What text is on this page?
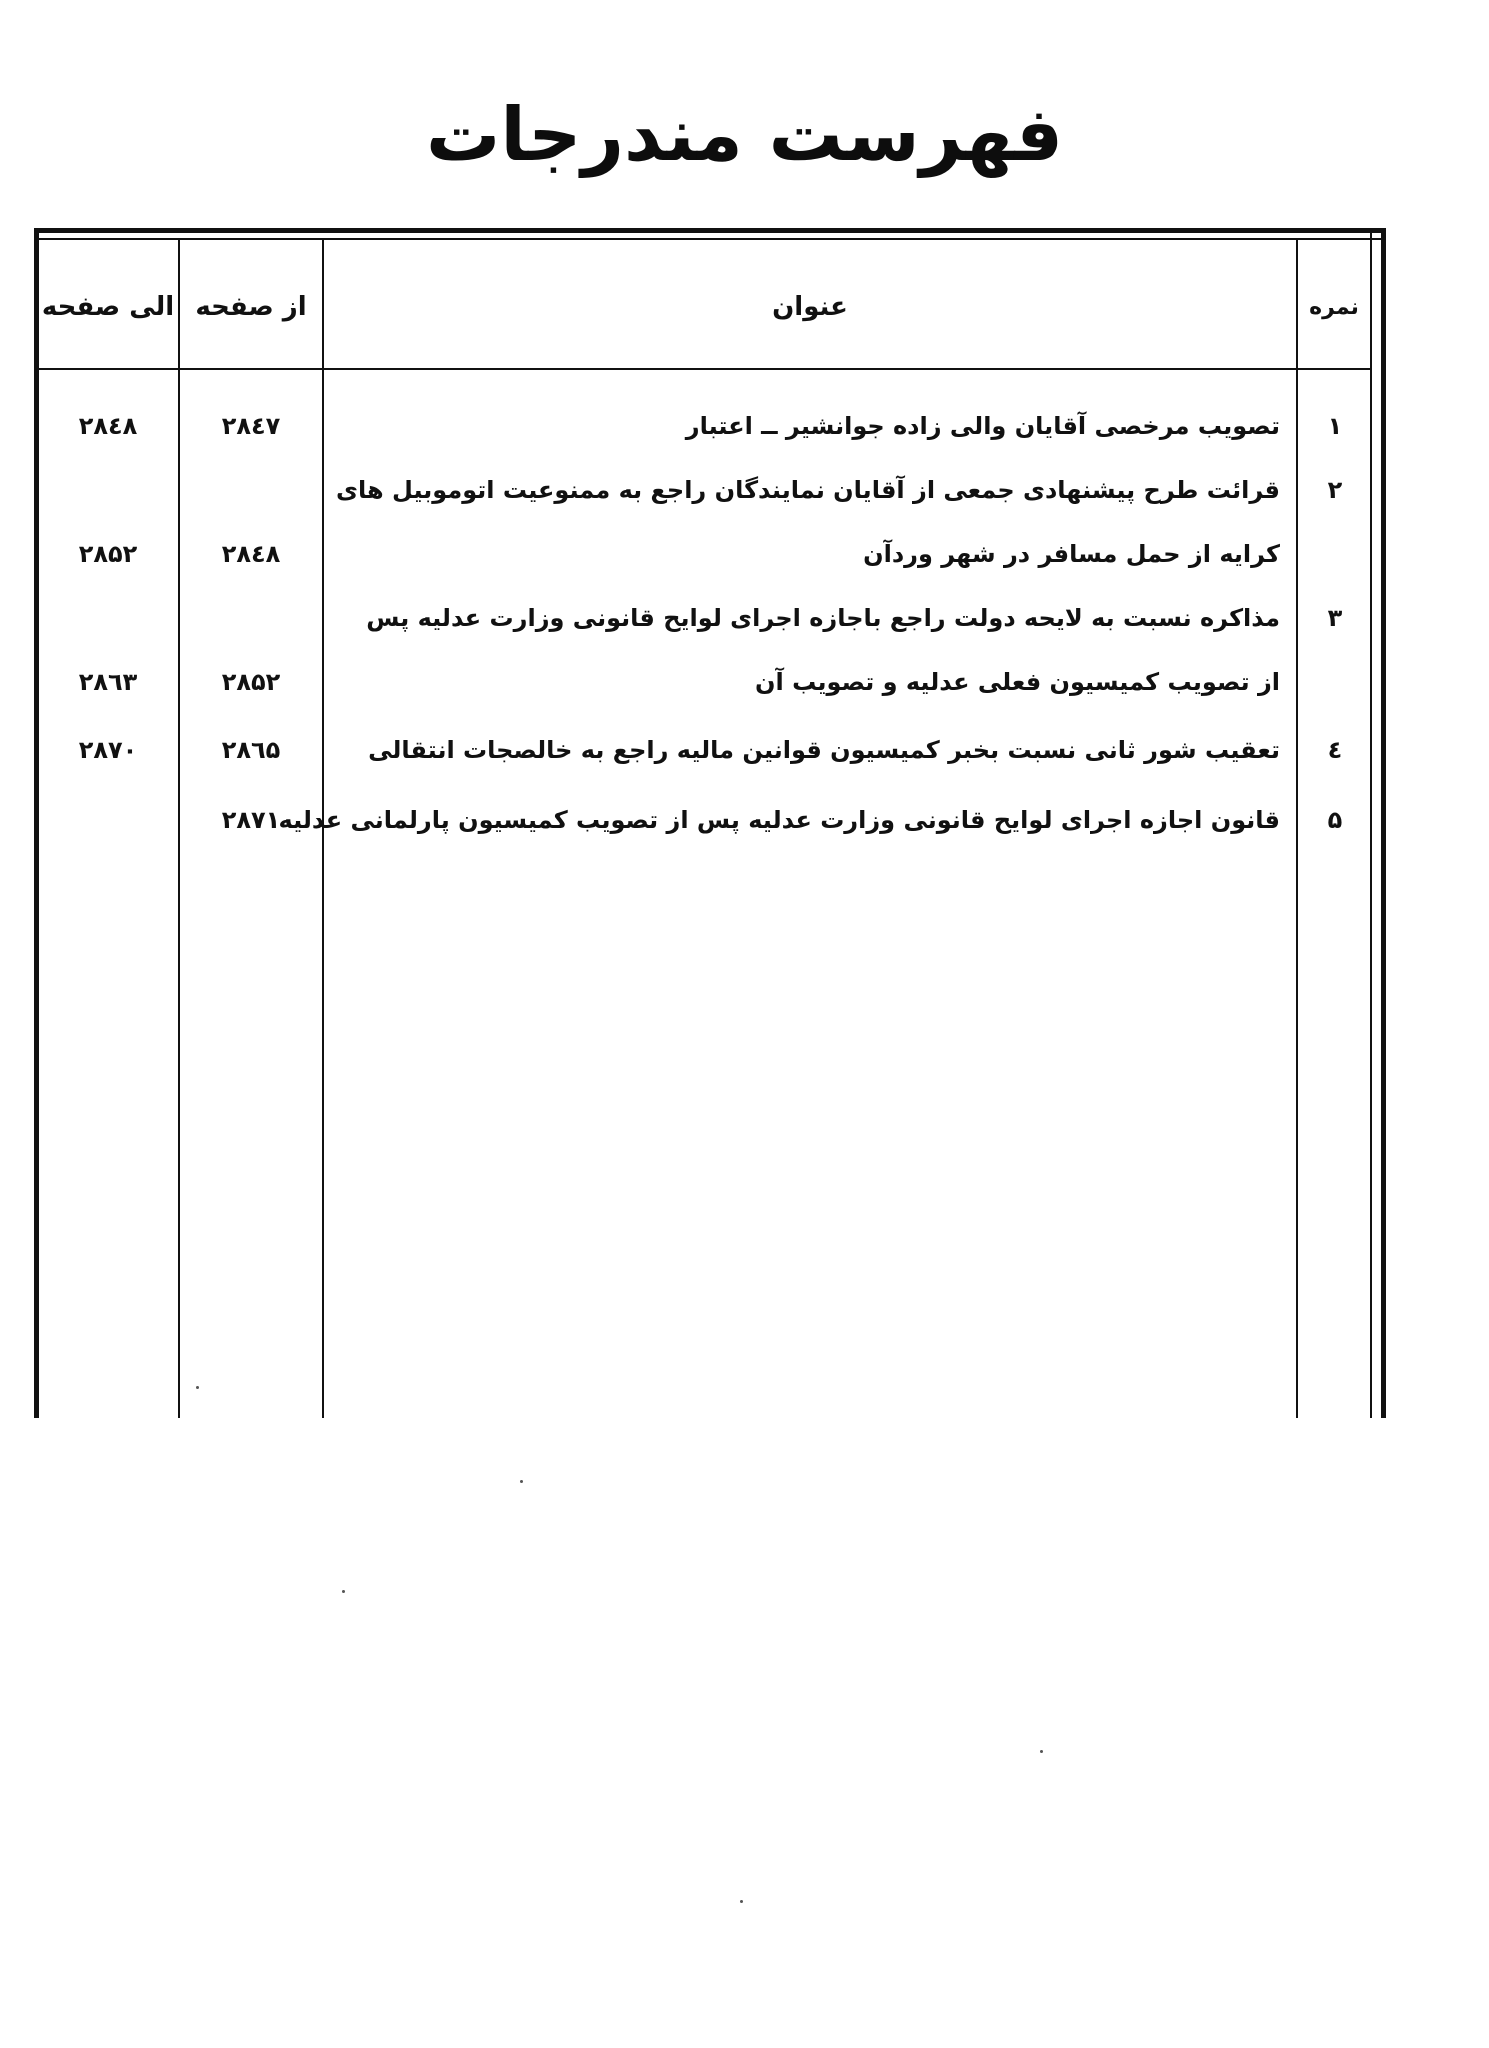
فهرست مندرجات
الی صفحه از صفحه	عنوان	نمره
۱
تصویب مرخصی آقایان والی زاده جوانشیر ــ اعتبار
۲۸٤۷
۲۸٤۸
۲
قرائت طرح پیشنهادی جمعی از آقایان نمایندگان راجع به ممنوعیت اتوموبیل های
کرایه از حمل مسافر در شهر وردآن
۲۸٤۸
۲۸۵۲
۳
مذاکره نسبت به لایحه دولت راجع باجازه اجرای لوایح قانونی وزارت عدلیه پس
از تصویب کمیسیون فعلی عدلیه و تصویب آن
۲۸۵۲
۲۸٦۳
٤
تعقیب شور ثانی نسبت بخبر کمیسیون قوانین مالیه راجع به خالصجات انتقالی
۲۸٦۵
۲۸۷۰
۵
قانون اجازه اجرای لوایح قانونی وزارت عدلیه پس از تصویب کمیسیون پارلمانی عدلیه
۲۸۷۱
